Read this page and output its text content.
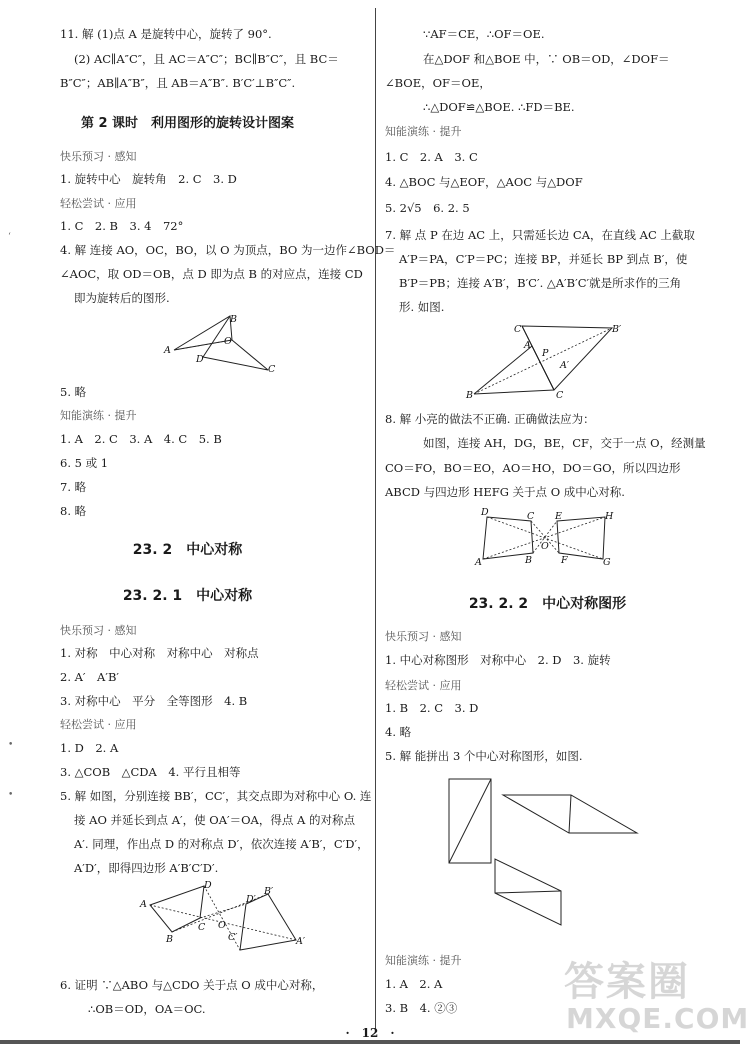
11. 解 (1)点 A 是旋转中心，旋转了 90°.
(2) AC∥A″C″，且 AC＝A″C″；BC∥B″C″，且 BC＝
B″C″；AB∥A″B″，且 AB＝A″B″. B′C′⊥B″C″.
第 2 课时　利用图形的旋转设计图案
快乐预习 · 感知
1. 旋转中心　旋转角　2. C　3. D
轻松尝试 · 应用
1. C　2. B　3. 4　72°
4. 解 连接 AO，OC，BO，以 O 为顶点，BO 为一边作∠BOD＝
∠AOC，取 OD＝OB，点 D 即为点 B 的对应点，连接 CD
即为旋转后的图形.
A
B
O
D
C
5. 略
知能演练 · 提升
1. A　2. C　3. A　4. C　5. B
6. 5 或 1
7. 略
8. 略
23. 2　中心对称
23. 2. 1　中心对称
快乐预习 · 感知
1. 对称　中心对称　对称中心　对称点
2. A′　A′B′
3. 对称中心　平分　全等图形　4. B
轻松尝试 · 应用
1. D　2. A
3. △COB　△CDA　4. 平行且相等
5. 解 如图，分别连接 BB′，CC′，其交点即为对称中心 O. 连
接 AO 并延长到点 A′，使 OA′＝OA，得点 A 的对称点
A′. 同理，作出点 D 的对称点 D′，依次连接 A′B′，C′D′，
A′D′，即得四边形 A′B′C′D′.
A
D
B
C O
C′
D′
B′
A′
6. 证明 ∵△ABO 与△CDO 关于点 O 成中心对称，
∴OB＝OD，OA＝OC.
∵AF＝CE，∴OF＝OE.
在△DOF 和△BOE 中，∵ OB＝OD，∠DOF＝
∠BOE，OF＝OE，
∴△DOF≌△BOE. ∴FD＝BE.
知能演练 · 提升
1. C　2. A　3. C
4. △BOC 与△EOF，△AOC 与△DOF
5. 2√5　6. 2. 5
7. 解 点 P 在边 AC 上，只需延长边 CA，在直线 AC 上截取
A′P＝PA，C′P＝PC；连接 BP，并延长 BP 到点 B′，使
B′P＝PB；连接 A′B′，B′C′. △A′B′C′就是所求作的三角
形. 如图.
C	B′
A
P
B	C
A′
8. 解 小亮的做法不正确. 正确做法应为：
如图，连接 AH，DG，BE，CF，交于一点 O，经测量
CO＝FO，BO＝EO，AO＝HO，DO＝GO，所以四边形
ABCD 与四边形 HEFG 关于点 O 成中心对称.
D	C E	H
A	B
O
F	G
23. 2. 2　中心对称图形
快乐预习 · 感知
1. 中心对称图形　对称中心　2. D　3. 旋转
轻松尝试 · 应用
1. B　2. C　3. D
4. 略
5. 解 能拼出 3 个中心对称图形，如图.
知能演练 · 提升
1. A　2. A
3. B　4. ②③
‘
•
•
·　12　·
答案圈
MXQE.COM
